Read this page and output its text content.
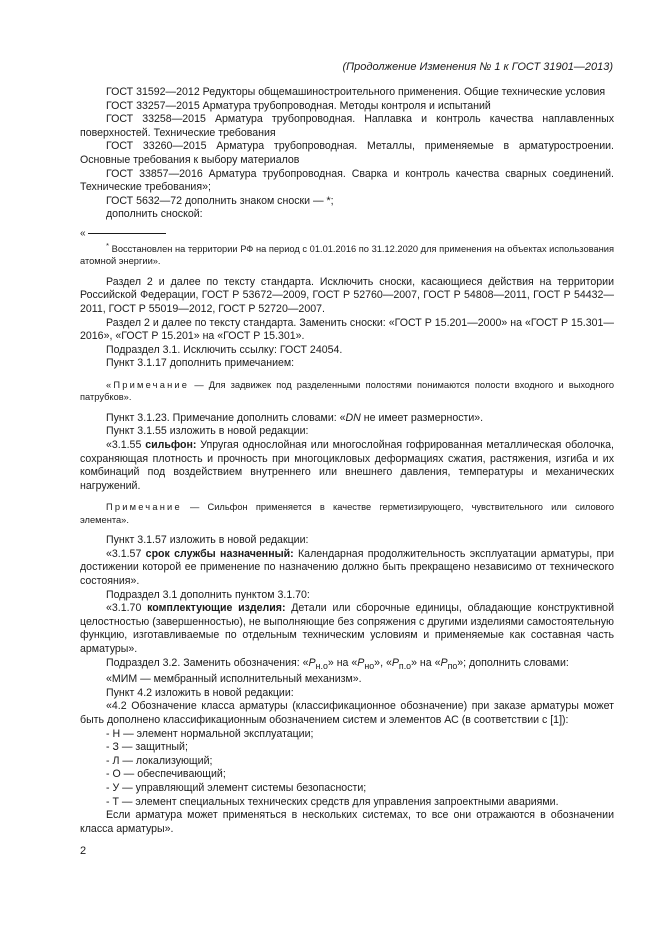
(Продолжение Изменения № 1 к ГОСТ 31901—2013)

ГОСТ 31592—2012 Редукторы общемашиностроительного применения. Общие технические условия

ГОСТ 33257—2015 Арматура трубопроводная. Методы контроля и испытаний

ГОСТ 33258—2015 Арматура трубопроводная. Наплавка и контроль качества наплавленных поверхностей. Технические требования

ГОСТ 33260—2015 Арматура трубопроводная. Металлы, применяемые в арматуростроении. Основные требования к выбору материалов

ГОСТ 33857—2016 Арматура трубопроводная. Сварка и контроль качества сварных соединений. Технические требования»;

ГОСТ 5632—72 дополнить знаком сноски — *;

дополнить сноской:

«

* Восстановлен на территории РФ на период с 01.01.2016 по 31.12.2020 для применения на объектах использования атомной энергии».

Раздел 2 и далее по тексту стандарта. Исключить сноски, касающиеся действия на территории Российской Федерации, ГОСТ Р 53672—2009, ГОСТ Р 52760—2007, ГОСТ Р 54808—2011, ГОСТ Р 54432—2011, ГОСТ Р 55019—2012, ГОСТ Р 52720—2007.

Раздел 2 и далее по тексту стандарта. Заменить сноски: «ГОСТ Р 15.201—2000» на «ГОСТ Р 15.301—2016», «ГОСТ Р 15.201» на «ГОСТ Р 15.301».

Подраздел 3.1. Исключить ссылку: ГОСТ 24054.

Пункт 3.1.17 дополнить примечанием:

«Примечание — Для задвижек под разделенными полостями понимаются полости входного и выходного патрубков».

Пункт 3.1.23. Примечание дополнить словами: «DN не имеет размерности».

Пункт 3.1.55 изложить в новой редакции:

«3.1.55 сильфон: Упругая однослойная или многослойная гофрированная металлическая оболочка, сохраняющая плотность и прочность при многоцикловых деформациях сжатия, растяжения, изгиба и их комбинаций под воздействием внутреннего или внешнего давления, температуры и механических нагружений.

Примечание — Сильфон применяется в качестве герметизирующего, чувствительного или силового элемента».

Пункт 3.1.57 изложить в новой редакции:

«3.1.57 срок службы назначенный: Календарная продолжительность эксплуатации арматуры, при достижении которой ее применение по назначению должно быть прекращено независимо от технического состояния».

Подраздел 3.1 дополнить пунктом 3.1.70:

«3.1.70 комплектующие изделия: Детали или сборочные единицы, обладающие конструктивной целостностью (завершенностью), не выполняющие без сопряжения с другими изделиями самостоятельную функцию, изготавливаемые по отдельным техническим условиям и применяемые как составная часть арматуры».

Подраздел 3.2. Заменить обозначения: «$P_{н.о}$» на «$P_{но}$», «$P_{п.о}$» на «$P_{по}$»; дополнить словами:

«МИМ — мембранный исполнительный механизм».

Пункт 4.2 изложить в новой редакции:

«4.2 Обозначение класса арматуры (классификационное обозначение) при заказе арматуры может быть дополнено классификационным обозначением систем и элементов АС (в соответствии с [1]):

- Н — элемент нормальной эксплуатации;

- З — защитный;

- Л — локализующий;

- О — обеспечивающий;

- У — управляющий элемент системы безопасности;

- Т — элемент специальных технических средств для управления запроектными авариями.

Если арматура может применяться в нескольких системах, то все они отражаются в обозначении класса арматуры».

2
